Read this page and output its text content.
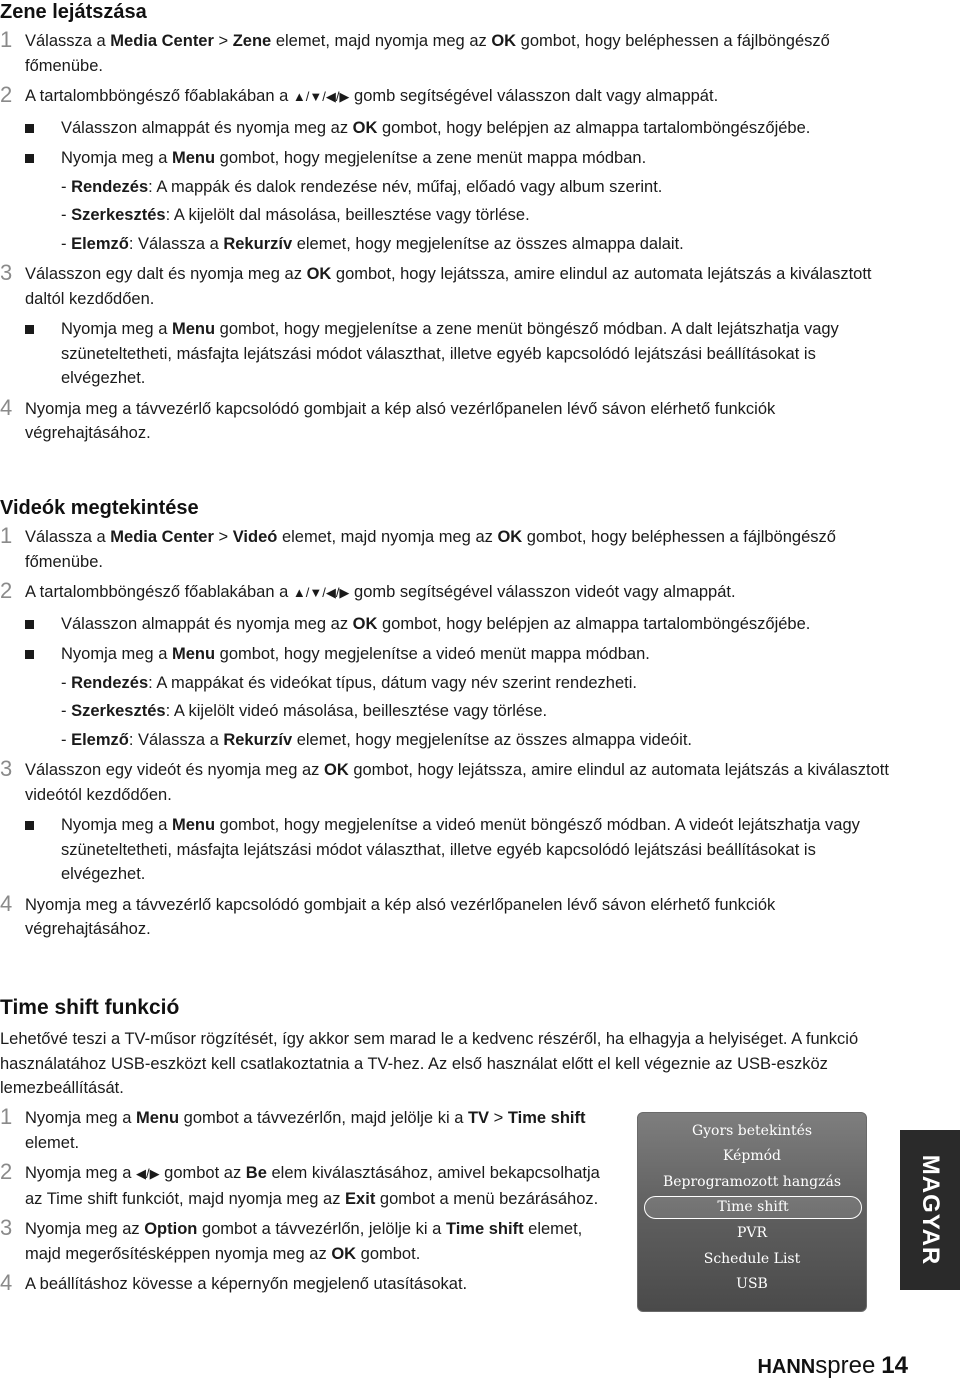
Zene lejátszása
1 Válassza a Media Center > Zene elemet, majd nyomja meg az OK gombot, hogy beléphessen a fájlböngésző főmenübe.
2 A tartalombböngésző főablakában a ▲/▼/◀/▶ gomb segítségével válasszon dalt vagy almappát.
Válasszon almappát és nyomja meg az OK gombot, hogy belépjen az almappa tartalomböngészőjébe.
Nyomja meg a Menu gombot, hogy megjelenítse a zene menüt mappa módban.
- Rendezés: A mappák és dalok rendezése név, műfaj, előadó vagy album szerint.
- Szerkesztés: A kijelölt dal másolása, beillesztése vagy törlése.
- Elemző: Válassza a Rekurzív elemet, hogy megjelenítse az összes almappa dalait.
3 Válasszon egy dalt és nyomja meg az OK gombot, hogy lejátssza, amire elindul az automata lejátszás a kiválasztott daltól kezdődően.
Nyomja meg a Menu gombot, hogy megjelenítse a zene menüt böngésző módban. A dalt lejátszhatja vagy szüneteltetheti, másfajta lejátszási módot választhat, illetve egyéb kapcsolódó lejátszási beállításokat is elvégezhet.
4 Nyomja meg a távvezérlő kapcsolódó gombjait a kép alsó vezérlőpanelen lévő sávon elérhető funkciók végrehajtásához.
Videók megtekintése
1 Válassza a Media Center > Videó elemet, majd nyomja meg az OK gombot, hogy beléphessen a fájlböngésző főmenübe.
2 A tartalombböngésző főablakában a ▲/▼/◀/▶ gomb segítségével válasszon videót vagy almappát.
Válasszon almappát és nyomja meg az OK gombot, hogy belépjen az almappa tartalomböngészőjébe.
Nyomja meg a Menu gombot, hogy megjelenítse a videó menüt mappa módban.
- Rendezés: A mappákat és videókat típus, dátum vagy név szerint rendezheti.
- Szerkesztés: A kijelölt videó másolása, beillesztése vagy törlése.
- Elemző: Válassza a Rekurzív elemet, hogy megjelenítse az összes almappa videóit.
3 Válasszon egy videót és nyomja meg az OK gombot, hogy lejátssza, amire elindul az automata lejátszás a kiválasztott videótól kezdődően.
Nyomja meg a Menu gombot, hogy megjelenítse a videó menüt böngésző módban. A videót lejátszhatja vagy szüneteltetheti, másfajta lejátszási módot választhat, illetve egyéb kapcsolódó lejátszási beállításokat is elvégezhet.
4 Nyomja meg a távvezérlő kapcsolódó gombjait a kép alsó vezérlőpanelen lévő sávon elérhető funkciók végrehajtásához.
Time shift funkció
Lehetővé teszi a TV-műsor rögzítését, így akkor sem marad le a kedvenc részéről, ha elhagyja a helyiséget. A funkció használatához USB-eszközt kell csatlakoztatnia a TV-hez. Az első használat előtt el kell végeznie az USB-eszköz lemezbeállítását.
1 Nyomja meg a Menu gombot a távvezérlőn, majd jelölje ki a TV > Time shift elemet.
2 Nyomja meg a ◀/▶ gombot az Be elem kiválasztásához, amivel bekapcsolhatja az Time shift funkciót, majd nyomja meg az Exit gombot a menü bezárásához.
3 Nyomja meg az Option gombot a távvezérlőn, jelölje ki a Time shift elemet, majd megerősítésképpen nyomja meg az OK gombot.
4 A beállításhoz kövesse a képernyőn megjelenő utasításokat.
Gyors betekintés
Képmód
Beprogramozott hangzás
Time shift
PVR
Schedule List
USB
MAGYAR
HANNspree 14
